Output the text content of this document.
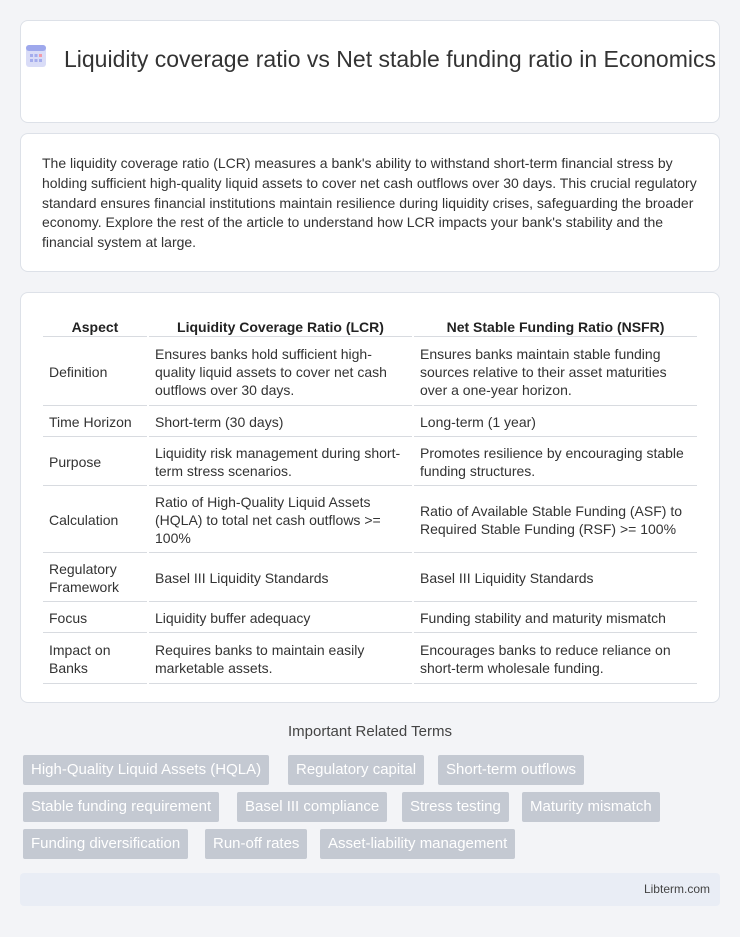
Liquidity coverage ratio vs Net stable funding ratio in Economics

The liquidity coverage ratio (LCR) measures a bank's ability to withstand short-term financial stress by holding sufficient high-quality liquid assets to cover net cash outflows over 30 days. This crucial regulatory standard ensures financial institutions maintain resilience during liquidity crises, safeguarding the broader economy. Explore the rest of the article to understand how LCR impacts your bank's stability and the financial system at large.

Aspect	Liquidity Coverage Ratio (LCR)	Net Stable Funding Ratio (NSFR)
Definition	Ensures banks hold sufficient high-quality liquid assets to cover net cash outflows over 30 days.	Ensures banks maintain stable funding sources relative to their asset maturities over a one-year horizon.
Time Horizon	Short-term (30 days)	Long-term (1 year)
Purpose	Liquidity risk management during short-term stress scenarios.	Promotes resilience by encouraging stable funding structures.
Calculation	Ratio of High-Quality Liquid Assets (HQLA) to total net cash outflows >= 100%	Ratio of Available Stable Funding (ASF) to Required Stable Funding (RSF) >= 100%
Regulatory Framework	Basel III Liquidity Standards	Basel III Liquidity Standards
Focus	Liquidity buffer adequacy	Funding stability and maturity mismatch
Impact on Banks	Requires banks to maintain easily marketable assets.	Encourages banks to reduce reliance on short-term wholesale funding.
Important Related Terms
High-Quality Liquid Assets (HQLA)	Regulatory capital	Short-term outflows
Stable funding requirement	Basel III compliance	Stress testing	Maturity mismatch
Funding diversification	Run-off rates	Asset-liability management
Libterm.com
